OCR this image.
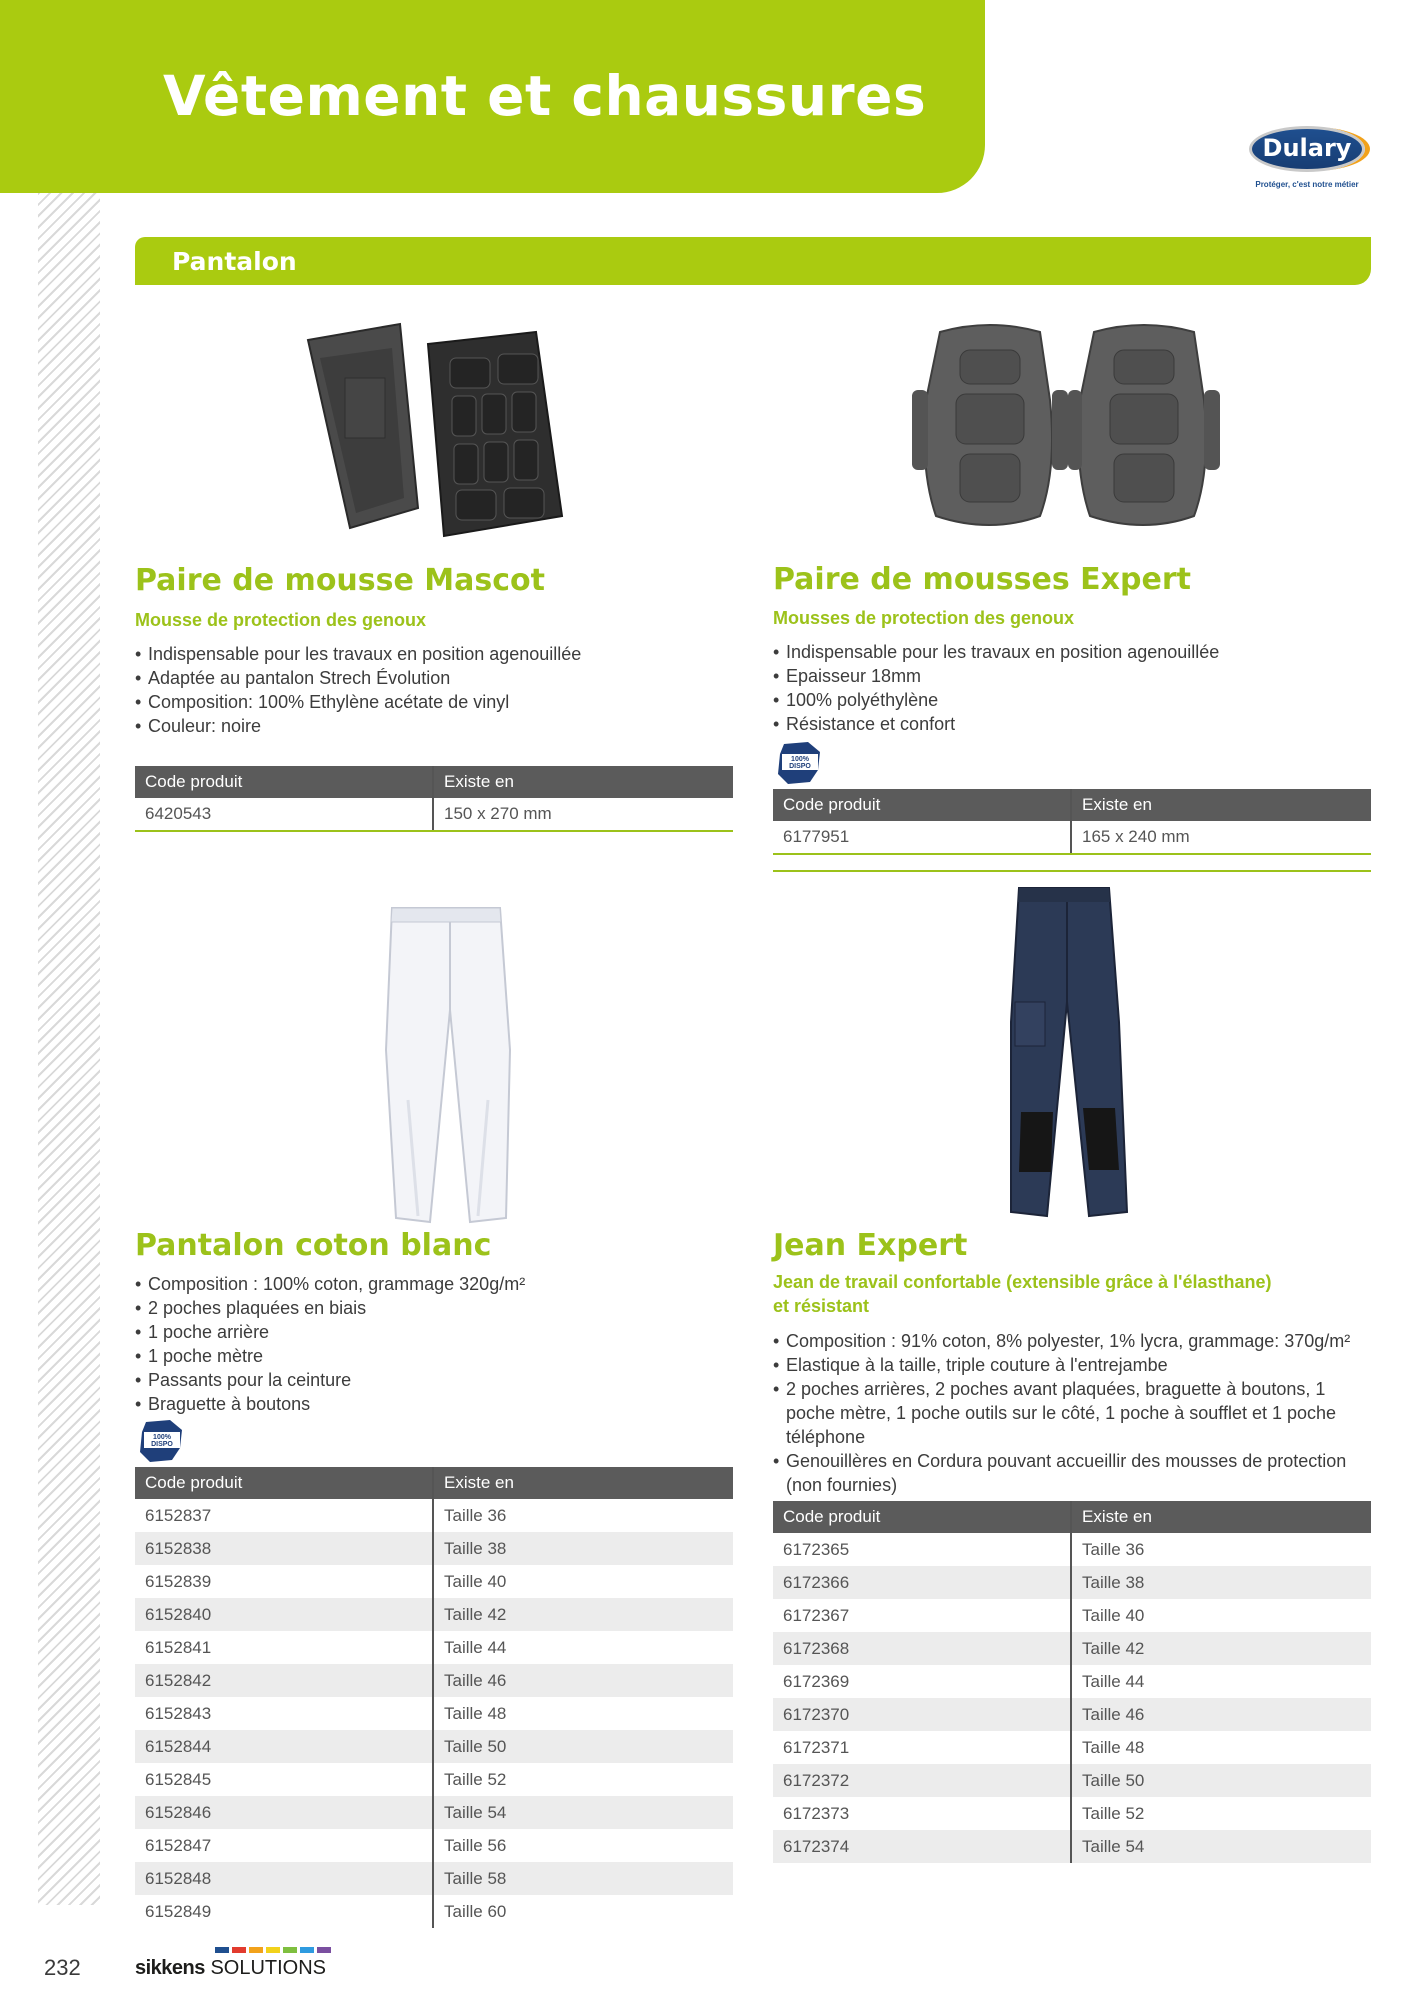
Vêtement et chaussures
Dulary
Protéger, c'est notre métier
Pantalon
Paire de mousse Mascot
Mousse de protection des genoux
• Indispensable pour les travaux en position agenouillée
• Adaptée au pantalon Strech Évolution
• Composition: 100% Ethylène acétate de vinyl
• Couleur: noire
Code produit	Existe en
6420543	150 x 270 mm
Paire de mousses Expert
Mousses de protection des genoux
• Indispensable pour les travaux en position agenouillée
• Epaisseur 18mm
• 100% polyéthylène
• Résistance et confort
100%
DISPO
Code produit	Existe en
6177951	165 x 240 mm
Pantalon coton blanc
• Composition : 100% coton, grammage 320g/m²
• 2 poches plaquées en biais
• 1 poche arrière
• 1 poche mètre
• Passants pour la ceinture
• Braguette à boutons
100%
DISPO
Code produit	Existe en
6152837	Taille 36
6152838	Taille 38
6152839	Taille 40
6152840	Taille 42
6152841	Taille 44
6152842	Taille 46
6152843	Taille 48
6152844	Taille 50
6152845	Taille 52
6152846	Taille 54
6152847	Taille 56
6152848	Taille 58
6152849	Taille 60
Jean Expert
Jean de travail confortable (extensible grâce à l'élasthane)
et résistant
• Composition : 91% coton, 8% polyester, 1% lycra, grammage: 370g/m²
• Elastique à la taille, triple couture à l'entrejambe
• 2 poches arrières, 2 poches avant plaquées, braguette à boutons, 1 poche mètre, 1 poche outils sur le côté, 1 poche à soufflet et 1 poche téléphone
• Genouillères en Cordura pouvant accueillir des mousses de protection (non fournies)
Code produit	Existe en
6172365	Taille 36
6172366	Taille 38
6172367	Taille 40
6172368	Taille 42
6172369	Taille 44
6172370	Taille 46
6172371	Taille 48
6172372	Taille 50
6172373	Taille 52
6172374	Taille 54
232	sikkens SOLUTIONS
